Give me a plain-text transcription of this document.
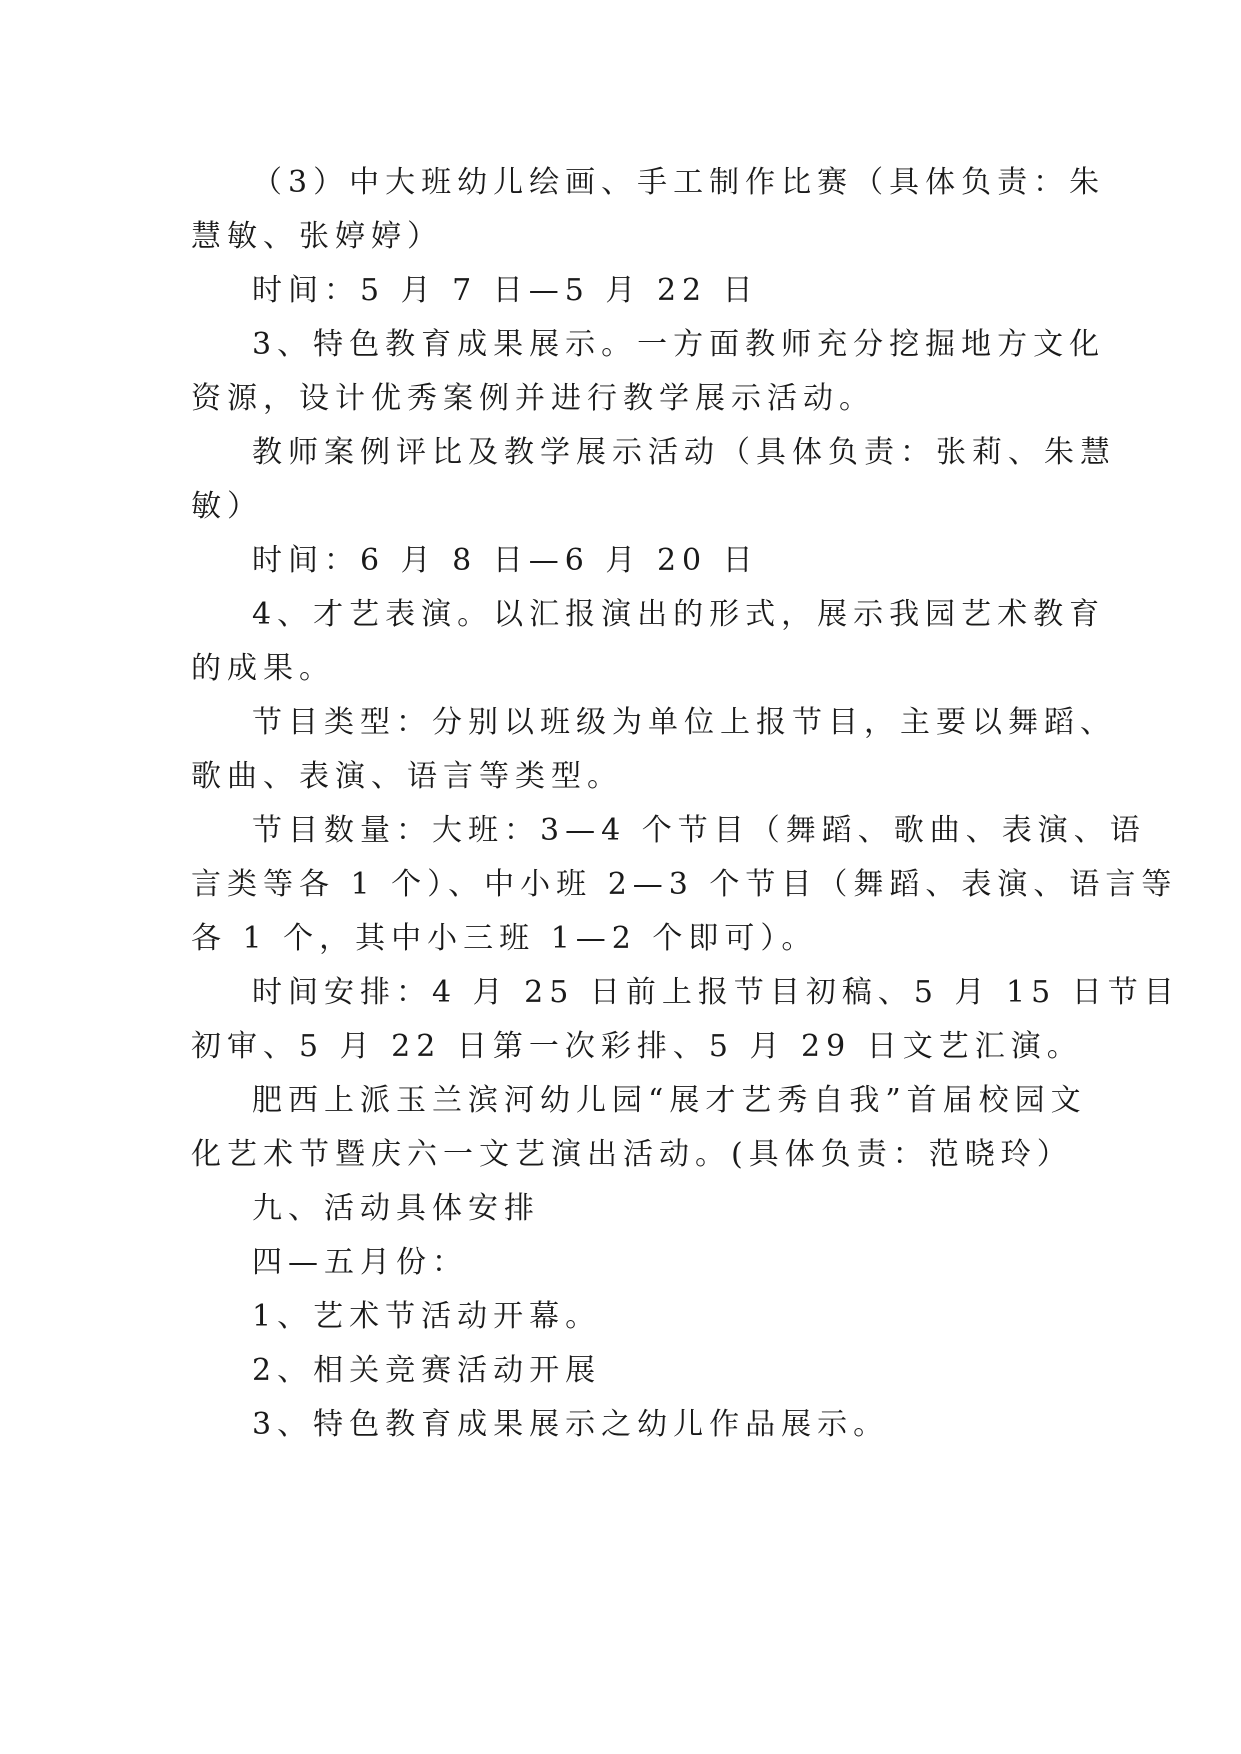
（3）中大班幼儿绘画、手工制作比赛（具体负责：朱
慧敏、张婷婷）
时间：5 月 7 日—5 月 22 日
3、特色教育成果展示。一方面教师充分挖掘地方文化
资源，设计优秀案例并进行教学展示活动。
教师案例评比及教学展示活动（具体负责：张莉、朱慧
敏）
时间：6 月 8 日—6 月 20 日
4、才艺表演。以汇报演出的形式，展示我园艺术教育
的成果。
节目类型：分别以班级为单位上报节目，主要以舞蹈、
歌曲、表演、语言等类型。
节目数量：大班：3—4 个节目（舞蹈、歌曲、表演、语
言类等各 1 个）、中小班 2—3 个节目（舞蹈、表演、语言等
各 1 个，其中小三班 1—2 个即可）。
时间安排：4 月 25 日前上报节目初稿、5 月 15 日节目
初审、5 月 22 日第一次彩排、5 月 29 日文艺汇演。
肥西上派玉兰滨河幼儿园“展才艺秀自我”首届校园文
化艺术节暨庆六一文艺演出活动。(具体负责：范晓玲）
九、活动具体安排
四—五月份：
1、艺术节活动开幕。
2、相关竞赛活动开展
3、特色教育成果展示之幼儿作品展示。
